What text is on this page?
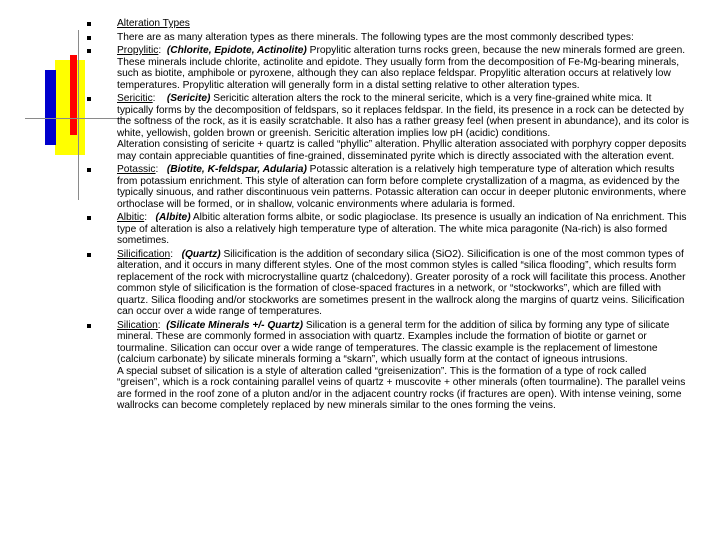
Alteration Types
There are as many alteration types as there minerals. The following types are the most commonly described types:
Propylitic:  (Chlorite, Epidote, Actinolite) Propylitic alteration turns rocks green, because the new minerals formed are green. These minerals include chlorite, actinolite and epidote. They usually form from the decomposition of Fe-Mg-bearing minerals, such as biotite, amphibole or pyroxene, although they can also replace feldspar. Propylitic alteration occurs at relatively low temperatures. Propylitic alteration will generally form in a distal setting relative to other alteration types.
Sericitic:    (Sericite) Sericitic alteration alters the rock to the mineral sericite, which is a very fine-grained white mica. It typically forms by the decomposition of feldspars, so it replaces feldspar. In the field, its presence in a rock can be detected by the softness of the rock, as it is easily scratchable. It also has a rather greasy feel (when present in abundance), and its color is white, yellowish, golden brown or greenish. Sericitic alteration implies low pH (acidic) conditions.
Alteration consisting of sericite + quartz is called “phyllic” alteration. Phyllic alteration associated with porphyry copper deposits may contain appreciable quantities of fine-grained, disseminated pyrite which is directly associated with the alteration event.
Potassic:   (Biotite, K-feldspar, Adularia) Potassic alteration is a relatively high temperature type of alteration which results from potassium enrichment. This style of alteration can form before complete crystallization of a magma, as evidenced by the typically sinuous, and rather discontinuous vein patterns. Potassic alteration can occur in deeper plutonic environments, where orthoclase will be formed, or in shallow, volcanic environments where adularia is formed.
Albitic:   (Albite) Albitic alteration forms albite, or sodic plagioclase. Its presence is usually an indication of Na enrichment. This type of alteration is also a relatively high temperature type of alteration. The white mica paragonite (Na-rich) is also formed sometimes.
Silicification:   (Quartz) Silicification is the addition of secondary silica (SiO2). Silicification is one of the most common types of alteration, and it occurs in many different styles. One of the most common styles is called “silica flooding”, which results form replacement of the rock with microcrystalline quartz (chalcedony). Greater porosity of a rock will facilitate this process. Another common style of silicification is the formation of close-spaced fractures in a network, or “stockworks”, which are filled with quartz. Silica flooding and/or stockworks are sometimes present in the wallrock along the margins of quartz veins. Silicification can occur over a wide range of temperatures.
Silication:  (Silicate Minerals +/- Quartz) Silication is a general term for the addition of silica by forming any type of silicate mineral. These are commonly formed in association with quartz. Examples include the formation of biotite or garnet or tourmaline. Silication can occur over a wide range of temperatures. The classic example is the replacement of limestone (calcium carbonate) by silicate minerals forming a “skarn”, which usually form at the contact of igneous intrusions.
A special subset of silication is a style of alteration called “greisenization”. This is the formation of a type of rock called “greisen”, which is a rock containing parallel veins of quartz + muscovite + other minerals (often tourmaline). The parallel veins are formed in the roof zone of a pluton and/or in the adjacent country rocks (if fractures are open). With intense veining, some wallrocks can become completely replaced by new minerals similar to the ones forming the veins.
